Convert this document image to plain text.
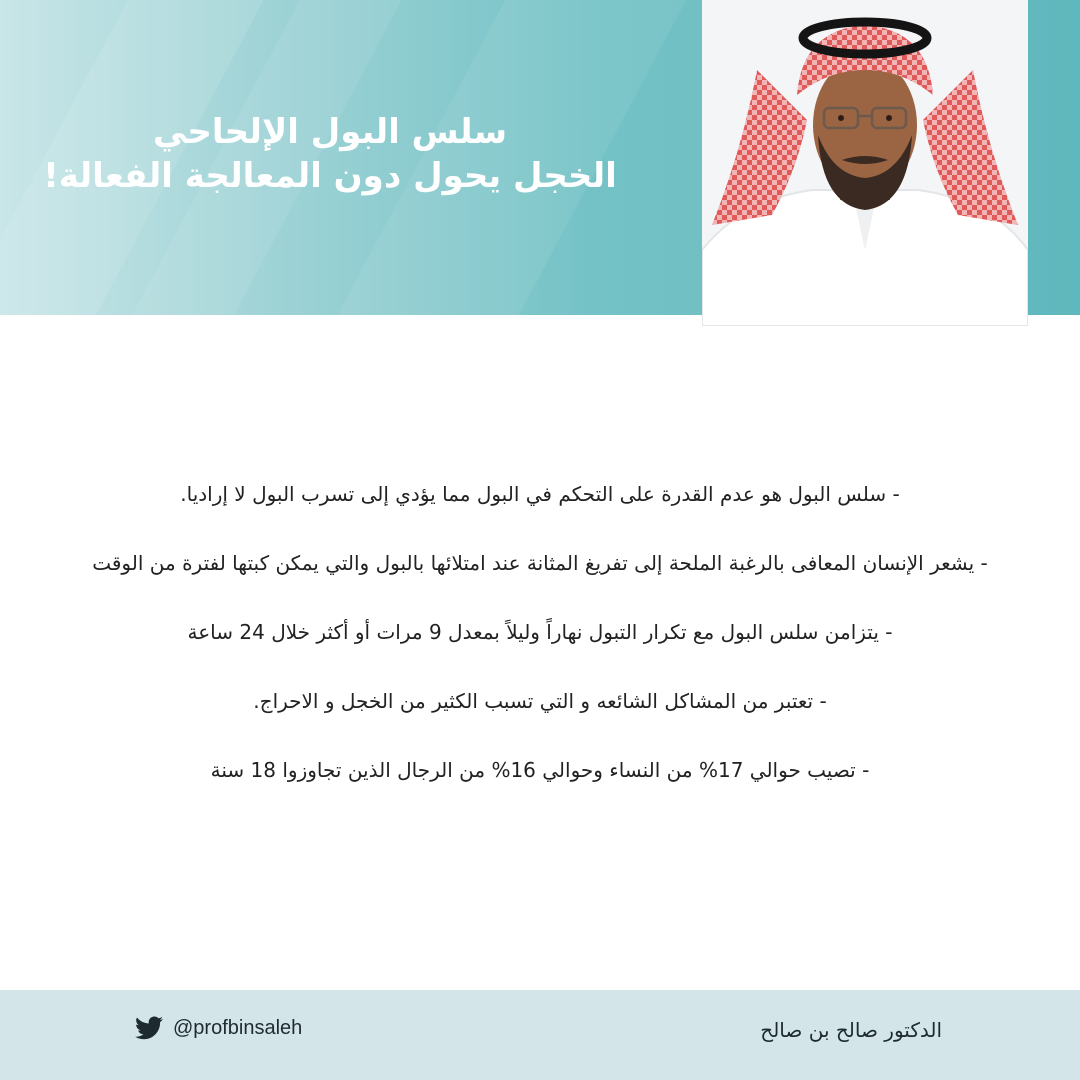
سلس البول الإلحاحي
الخجل يحول دون المعالجة الفعالة!
- سلس البول هو عدم القدرة على التحكم في البول مما يؤدي إلى تسرب البول لا إراديا.
- يشعر الإنسان المعافى بالرغبة الملحة إلى تفريغ المثانة عند امتلائها بالبول والتي يمكن كبتها لفترة من الوقت
- يتزامن سلس البول مع تكرار التبول نهاراً وليلاً بمعدل 9 مرات أو أكثر خلال 24 ساعة
- تعتبر من المشاكل الشائعه و التي تسبب الكثير من الخجل و الاحراج.
- تصيب حوالي 17% من النساء وحوالي 16% من الرجال الذين تجاوزوا 18 سنة
@profbinsaleh	الدكتور صالح بن صالح
